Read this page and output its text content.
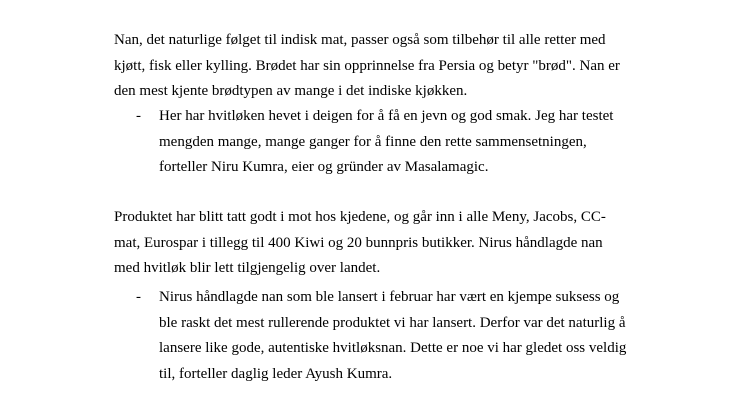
Nan, det naturlige følget til indisk mat, passer også som tilbehør til alle retter med
kjøtt, fisk eller kylling. Brødet har sin opprinnelse fra Persia og betyr "brød". Nan er
den mest kjente brødtypen av mange i det indiske kjøkken.
- Her har hvitløken hevet i deigen for å få en jevn og god smak. Jeg har testet
mengden mange, mange ganger for å finne den rette sammensetningen,
forteller Niru Kumra, eier og gründer av Masalamagic.
Produktet har blitt tatt godt i mot hos kjedene, og går inn i alle Meny, Jacobs, CC-
mat, Eurospar i tillegg til 400 Kiwi og 20 bunnpris butikker. Nirus håndlagde nan
med hvitløk blir lett tilgjengelig over landet.
- Nirus håndlagde nan som ble lansert i februar har vært en kjempe suksess og
ble raskt det mest rullerende produktet vi har lansert. Derfor var det naturlig å
lansere like gode, autentiske hvitløksnan. Dette er noe vi har gledet oss veldig
til, forteller daglig leder Ayush Kumra.
